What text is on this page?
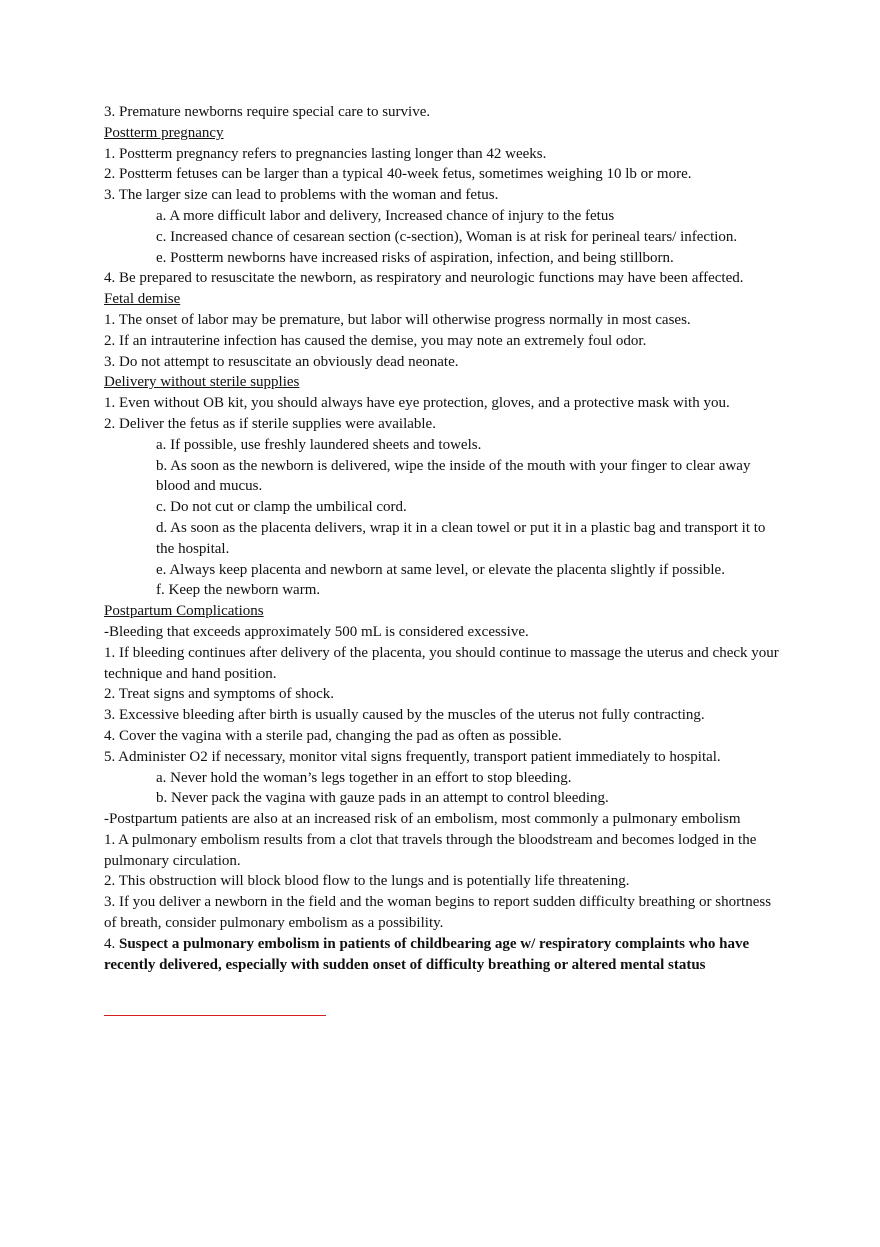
3. Premature newborns require special care to survive.
Postterm pregnancy
1. Postterm pregnancy refers to pregnancies lasting longer than 42 weeks.
2. Postterm fetuses can be larger than a typical 40-week fetus, sometimes weighing 10 lb or more.
3. The larger size can lead to problems with the woman and fetus.
a. A more difficult labor and delivery, Increased chance of injury to the fetus
c. Increased chance of cesarean section (c-section), Woman is at risk for perineal tears/ infection.
e. Postterm newborns have increased risks of aspiration, infection, and being stillborn.
4. Be prepared to resuscitate the newborn, as respiratory and neurologic functions may have been affected.
Fetal demise
1. The onset of labor may be premature, but labor will otherwise progress normally in most cases.
2. If an intrauterine infection has caused the demise, you may note an extremely foul odor.
3. Do not attempt to resuscitate an obviously dead neonate.
Delivery without sterile supplies
1. Even without OB kit, you should always have eye protection, gloves, and a protective mask with you.
2. Deliver the fetus as if sterile supplies were available.
a. If possible, use freshly laundered sheets and towels.
b. As soon as the newborn is delivered, wipe the inside of the mouth with your finger to clear away blood and mucus.
c. Do not cut or clamp the umbilical cord.
d. As soon as the placenta delivers, wrap it in a clean towel or put it in a plastic bag and transport it to the hospital.
e. Always keep placenta and newborn at same level, or elevate the placenta slightly if possible.
f. Keep the newborn warm.
Postpartum Complications
-Bleeding that exceeds approximately 500 mL is considered excessive.
1. If bleeding continues after delivery of the placenta, you should continue to massage the uterus and check your technique and hand position.
2. Treat signs and symptoms of shock.
3. Excessive bleeding after birth is usually caused by the muscles of the uterus not fully contracting.
4. Cover the vagina with a sterile pad, changing the pad as often as possible.
5. Administer O2 if necessary, monitor vital signs frequently, transport patient immediately to hospital.
a. Never hold the woman’s legs together in an effort to stop bleeding.
b. Never pack the vagina with gauze pads in an attempt to control bleeding.
-Postpartum patients are also at an increased risk of an embolism, most commonly a pulmonary embolism
1. A pulmonary embolism results from a clot that travels through the bloodstream and becomes lodged in the pulmonary circulation.
2. This obstruction will block blood flow to the lungs and is potentially life threatening.
3. If you deliver a newborn in the field and the woman begins to report sudden difficulty breathing or shortness of breath, consider pulmonary embolism as a possibility.
4. Suspect a pulmonary embolism in patients of childbearing age w/ respiratory complaints who have recently delivered, especially with sudden onset of difficulty breathing or altered mental status
